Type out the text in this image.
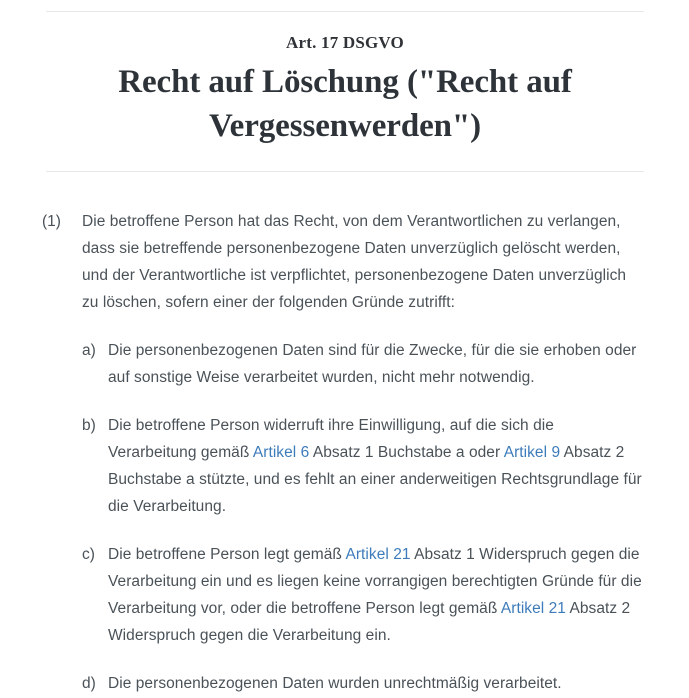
Art. 17 DSGVO
Recht auf Löschung ("Recht auf Vergessenwerden")
(1)	Die betroffene Person hat das Recht, von dem Verantwortlichen zu verlangen, dass sie betreffende personenbezogene Daten unverzüglich gelöscht werden, und der Verantwortliche ist verpflichtet, personenbezogene Daten unverzüglich zu löschen, sofern einer der folgenden Gründe zutrifft:
a) Die personenbezogenen Daten sind für die Zwecke, für die sie erhoben oder auf sonstige Weise verarbeitet wurden, nicht mehr notwendig.
b) Die betroffene Person widerruft ihre Einwilligung, auf die sich die Verarbeitung gemäß Artikel 6 Absatz 1 Buchstabe a oder Artikel 9 Absatz 2 Buchstabe a stützte, und es fehlt an einer anderweitigen Rechtsgrundlage für die Verarbeitung.
c) Die betroffene Person legt gemäß Artikel 21 Absatz 1 Widerspruch gegen die Verarbeitung ein und es liegen keine vorrangigen berechtigten Gründe für die Verarbeitung vor, oder die betroffene Person legt gemäß Artikel 21 Absatz 2 Widerspruch gegen die Verarbeitung ein.
d) Die personenbezogenen Daten wurden unrechtmäßig verarbeitet.
